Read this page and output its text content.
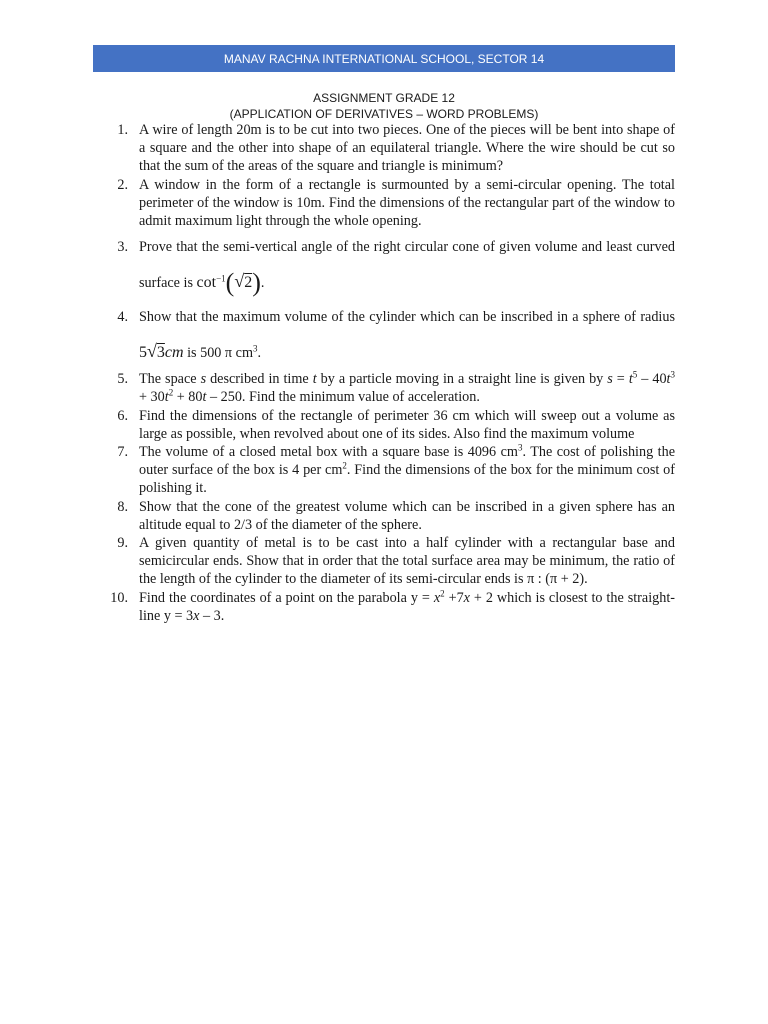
MANAV RACHNA INTERNATIONAL SCHOOL, SECTOR 14
ASSIGNMENT GRADE 12
(APPLICATION OF DERIVATIVES – WORD PROBLEMS)
1. A wire of length 20m is to be cut into two pieces. One of the pieces will be bent into shape of a square and the other into shape of an equilateral triangle. Where the wire should be cut so that the sum of the areas of the square and triangle is minimum?
2. A window in the form of a rectangle is surmounted by a semi-circular opening. The total perimeter of the window is 10m. Find the dimensions of the rectangular part of the window to admit maximum light through the whole opening.
3. Prove that the semi-vertical angle of the right circular cone of given volume and least curved surface is $\cot^{-1}(√2)$.
4. Show that the maximum volume of the cylinder which can be inscribed in a sphere of radius 5√3cm is 500 π $cm^3$.
5. The space s described in time t by a particle moving in a straight line is given by $s = t^5 - 40t^3 + 30t^2 + 80t - 250$. Find the minimum value of acceleration.
6. Find the dimensions of the rectangle of perimeter 36 cm which will sweep out a volume as large as possible, when revolved about one of its sides. Also find the maximum volume
7. The volume of a closed metal box with a square base is 4096 $cm^3$. The cost of polishing the outer surface of the box is 4 per $cm^2$. Find the dimensions of the box for the minimum cost of polishing it.
8. Show that the cone of the greatest volume which can be inscribed in a given sphere has an altitude equal to 2/3 of the diameter of the sphere.
9. A given quantity of metal is to be cast into a half cylinder with a rectangular base and semicircular ends. Show that in order that the total surface area may be minimum, the ratio of the length of the cylinder to the diameter of its semi-circular ends is π : (π + 2).
10. Find the coordinates of a point on the parabola $y = x^2 +7x + 2$ which is closest to the straight-line y = 3x – 3.
